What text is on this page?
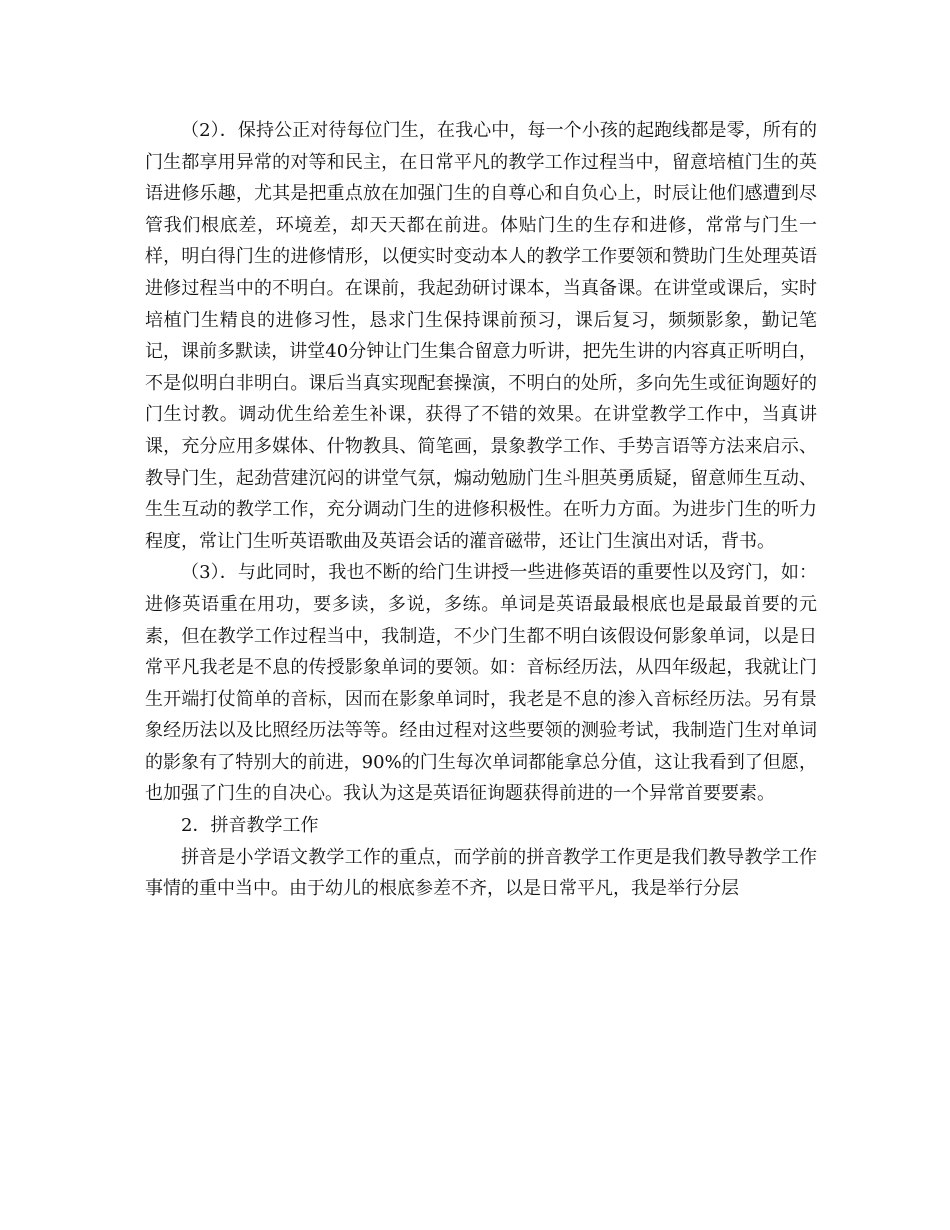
（2）．保持公正对待每位门生，在我心中，每一个小孩的起跑线都是零，所有的门生都享用异常的对等和民主，在日常平凡的教学工作过程当中，留意培植门生的英语进修乐趣，尤其是把重点放在加强门生的自尊心和自负心上，时辰让他们感遭到尽管我们根底差，环境差，却天天都在前进。体贴门生的生存和进修，常常与门生一样，明白得门生的进修情形，以便实时变动本人的教学工作要领和赞助门生处理英语进修过程当中的不明白。在课前，我起劲研讨课本，当真备课。在讲堂或课后，实时培植门生精良的进修习性，恳求门生保持课前预习，课后复习，频频影象，勤记笔记，课前多默读，讲堂40分钟让门生集合留意力听讲，把先生讲的内容真正听明白，不是似明白非明白。课后当真实现配套操演，不明白的处所，多向先生或征询题好的门生讨教。调动优生给差生补课，获得了不错的效果。在讲堂教学工作中，当真讲课，充分应用多媒体、什物教具、简笔画，景象教学工作、手势言语等方法来启示、教导门生，起劲营建沉闷的讲堂气氛，煽动勉励门生斗胆英勇质疑，留意师生互动、生生互动的教学工作，充分调动门生的进修积极性。在听力方面。为进步门生的听力程度，常让门生听英语歌曲及英语会话的灌音磁带，还让门生演出对话，背书。

（3）．与此同时，我也不断的给门生讲授一些进修英语的重要性以及窍门，如：进修英语重在用功，要多读，多说，多练。单词是英语最最根底也是最最首要的元素，但在教学工作过程当中，我制造，不少门生都不明白该假设何影象单词，以是日常平凡我老是不息的传授影象单词的要领。如：音标经历法，从四年级起，我就让门生开端打仗简单的音标，因而在影象单词时，我老是不息的渗入音标经历法。另有景象经历法以及比照经历法等等。经由过程对这些要领的测验考试，我制造门生对单词的影象有了特别大的前进，90%的门生每次单词都能拿总分值，这让我看到了但愿，也加强了门生的自决心。我认为这是英语征询题获得前进的一个异常首要要素。

2．拼音教学工作

拼音是小学语文教学工作的重点，而学前的拼音教学工作更是我们教导教学工作事情的重中当中。由于幼儿的根底参差不齐，以是日常平凡，我是举行分层
